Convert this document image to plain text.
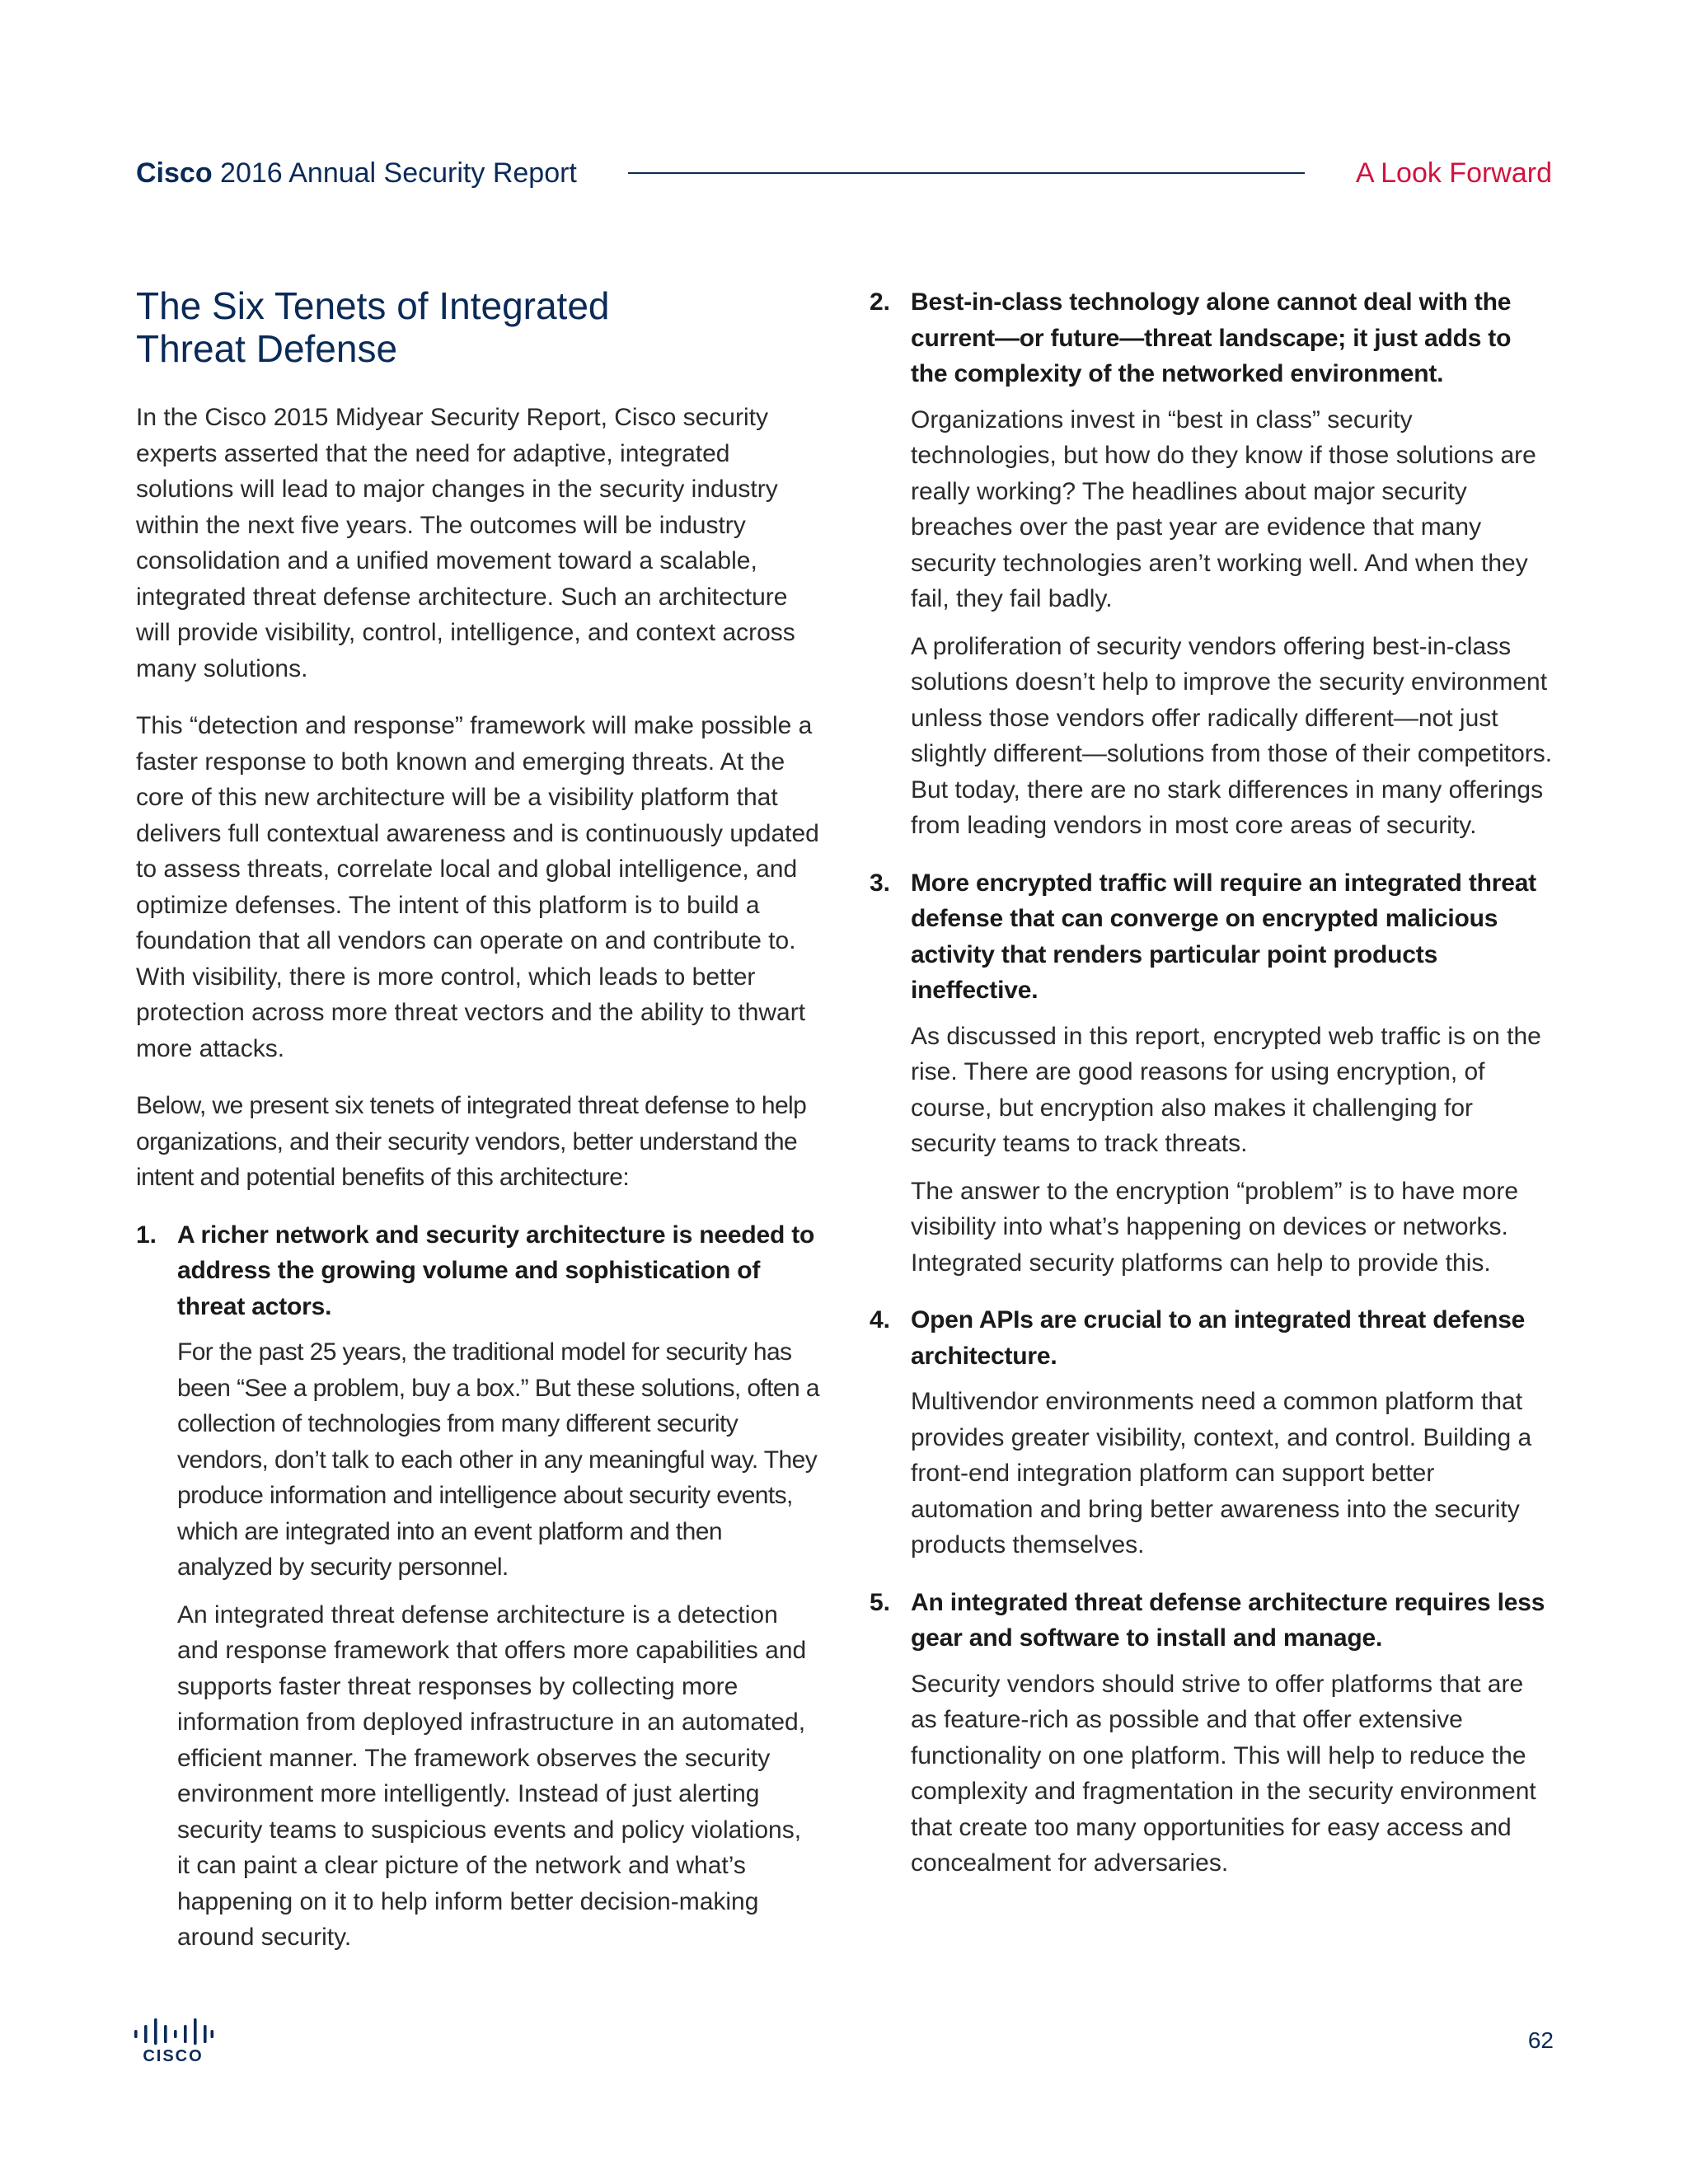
Cisco 2016 Annual Security Report	A Look Forward
The Six Tenets of Integrated Threat Defense

In the Cisco 2015 Midyear Security Report, Cisco security experts asserted that the need for adaptive, integrated solutions will lead to major changes in the security industry within the next five years. The outcomes will be industry consolidation and a unified movement toward a scalable, integrated threat defense architecture. Such an architecture will provide visibility, control, intelligence, and context across many solutions.

This “detection and response” framework will make possible a faster response to both known and emerging threats. At the core of this new architecture will be a visibility platform that delivers full contextual awareness and is continuously updated to assess threats, correlate local and global intelligence, and optimize defenses. The intent of this platform is to build a foundation that all vendors can operate on and contribute to. With visibility, there is more control, which leads to better protection across more threat vectors and the ability to thwart more attacks.

Below, we present six tenets of integrated threat defense to help organizations, and their security vendors, better understand the intent and potential benefits of this architecture:

1. A richer network and security architecture is needed to address the growing volume and sophistication of threat actors.

For the past 25 years, the traditional model for security has been “See a problem, buy a box.” But these solutions, often a collection of technologies from many different security vendors, don’t talk to each other in any meaningful way. They produce information and intelligence about security events, which are integrated into an event platform and then analyzed by security personnel.

An integrated threat defense architecture is a detection and response framework that offers more capabilities and supports faster threat responses by collecting more information from deployed infrastructure in an automated, efficient manner. The framework observes the security environment more intelligently. Instead of just alerting security teams to suspicious events and policy violations, it can paint a clear picture of the network and what’s happening on it to help inform better decision-making around security.

2. Best-in-class technology alone cannot deal with the current—or future—threat landscape; it just adds to the complexity of the networked environment.

Organizations invest in “best in class” security technologies, but how do they know if those solutions are really working? The headlines about major security breaches over the past year are evidence that many security technologies aren’t working well. And when they fail, they fail badly.

A proliferation of security vendors offering best-in-class solutions doesn’t help to improve the security environment unless those vendors offer radically different—not just slightly different—solutions from those of their competitors. But today, there are no stark differences in many offerings from leading vendors in most core areas of security.

3. More encrypted traffic will require an integrated threat defense that can converge on encrypted malicious activity that renders particular point products ineffective.

As discussed in this report, encrypted web traffic is on the rise. There are good reasons for using encryption, of course, but encryption also makes it challenging for security teams to track threats.

The answer to the encryption “problem” is to have more visibility into what’s happening on devices or networks. Integrated security platforms can help to provide this.

4. Open APIs are crucial to an integrated threat defense architecture.

Multivendor environments need a common platform that provides greater visibility, context, and control. Building a front-end integration platform can support better automation and bring better awareness into the security products themselves.

5. An integrated threat defense architecture requires less gear and software to install and manage.

Security vendors should strive to offer platforms that are as feature-rich as possible and that offer extensive functionality on one platform. This will help to reduce the complexity and fragmentation in the security environment that create too many opportunities for easy access and concealment for adversaries.

CISCO
62
